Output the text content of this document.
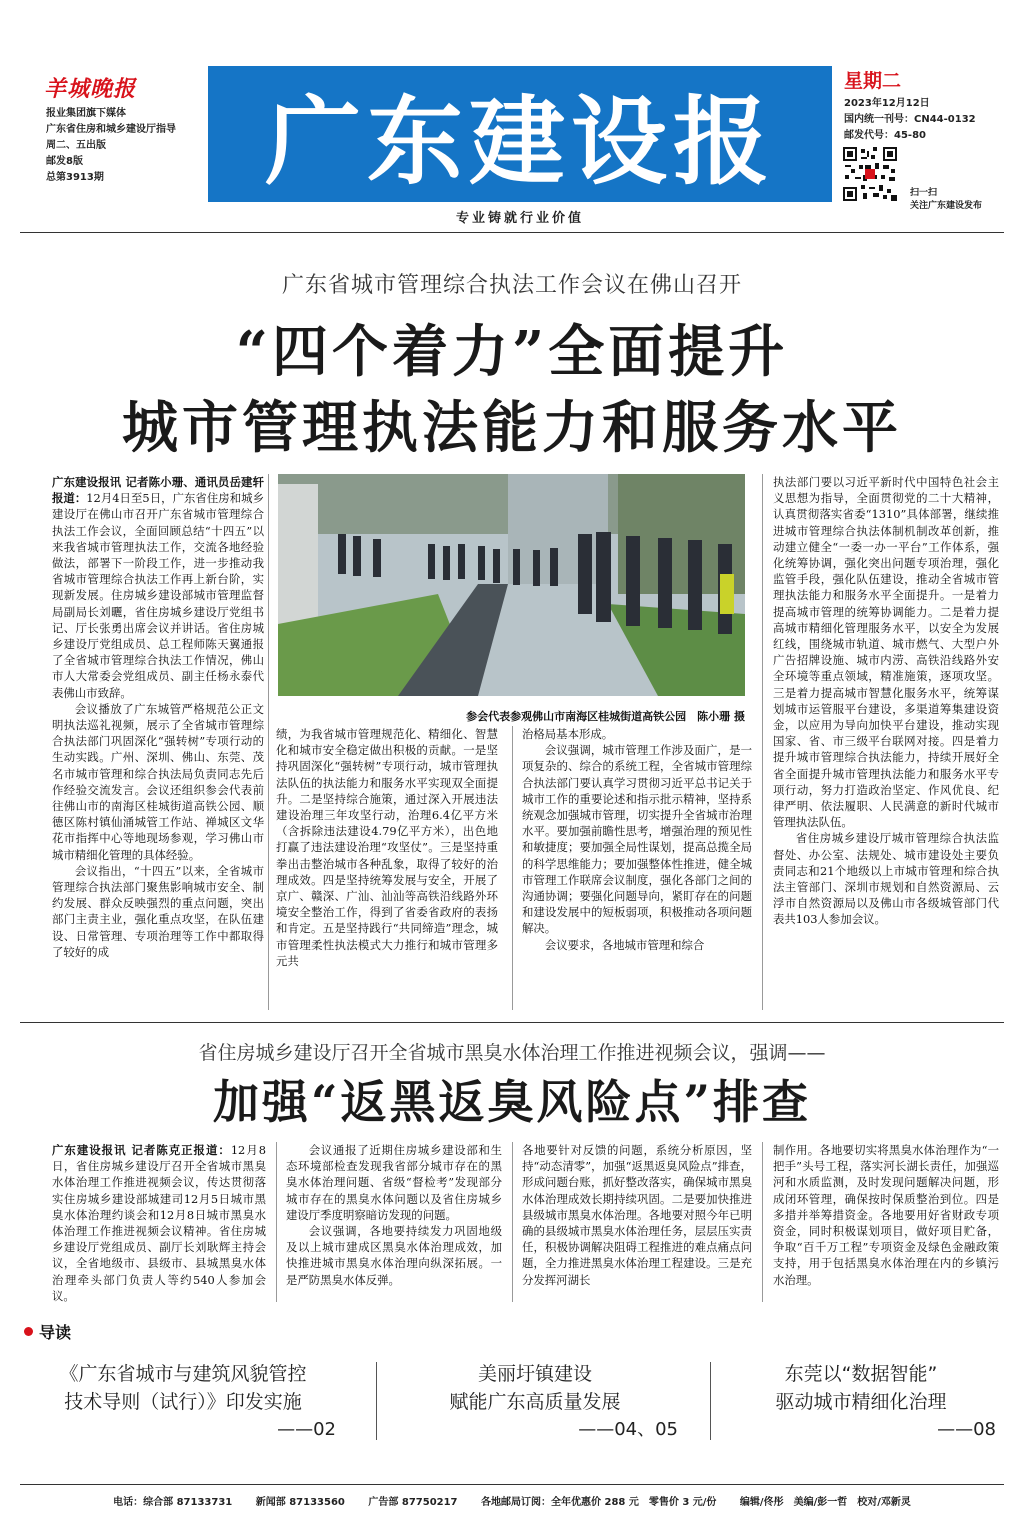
羊城晚报
报业集团旗下媒体
广东省住房和城乡建设厅指导
周二、五出版
邮发8版
总第3913期	广东建设报
专业铸就行业价值
星期二
2023年12月12日
国内统一刊号：CN44-0132
邮发代号：45-80
扫一扫
关注广东建设发布
广东省城市管理综合执法工作会议在佛山召开
“四个着力”全面提升
城市管理执法能力和服务水平

广东建设报讯 记者陈小珊、通讯员岳建轩报道：12月4日至5日，广东省住房和城乡建设厅在佛山市召开广东省城市管理综合执法工作会议，全面回顾总结“十四五”以来我省城市管理执法工作，交流各地经验做法，部署下一阶段工作，进一步推动我省城市管理综合执法工作再上新台阶，实现新发展。住房城乡建设部城市管理监督局副局长刘曬，省住房城乡建设厅党组书记、厅长张勇出席会议并讲话。省住房城乡建设厅党组成员、总工程师陈天翼通报了全省城市管理综合执法工作情况，佛山市人大常委会党组成员、副主任杨永泰代表佛山市致辞。

会议播放了广东城管严格规范公正文明执法巡礼视频，展示了全省城市管理综合执法部门巩固深化“强转树”专项行动的生动实践。广州、深圳、佛山、东莞、茂名市城市管理和综合执法局负责同志先后作经验交流发言。会议还组织参会代表前往佛山市的南海区桂城街道高铁公园、顺德区陈村镇仙涌城管工作站、禅城区文华花市指挥中心等地现场参观，学习佛山市城市精细化管理的具体经验。

会议指出，“十四五”以来，全省城市管理综合执法部门聚焦影响城市安全、制约发展、群众反映强烈的重点问题，突出部门主责主业，强化重点攻坚，在队伍建设、日常管理、专项治理等工作中都取得了较好的成

参会代表参观佛山市南海区桂城街道高铁公园　陈小珊 摄

绩，为我省城市管理规范化、精细化、智慧化和城市安全稳定做出积极的贡献。一是坚持巩固深化“强转树”专项行动，城市管理执法队伍的执法能力和服务水平实现双全面提升。二是坚持综合施策，通过深入开展违法建设治理三年攻坚行动，治理6.4亿平方米（含拆除违法建设4.79亿平方米），出色地打赢了违法建设治理“攻坚仗”。三是坚持重拳出击整治城市各种乱象，取得了较好的治理成效。四是坚持统筹发展与安全，开展了京广、赣深、广汕、汕汕等高铁沿线路外环境安全整治工作，得到了省委省政府的表扬和肯定。五是坚持践行“共同缔造”理念，城市管理柔性执法模式大力推行和城市管理多元共

治格局基本形成。

会议强调，城市管理工作涉及面广，是一项复杂的、综合的系统工程，全省城市管理综合执法部门要认真学习贯彻习近平总书记关于城市工作的重要论述和指示批示精神，坚持系统观念加强城市管理，切实提升全省城市治理水平。要加强前瞻性思考，增强治理的预见性和敏捷度；要加强全局性谋划，提高总揽全局的科学思维能力；要加强整体性推进，健全城市管理工作联席会议制度，强化各部门之间的沟通协调；要强化问题导向，紧盯存在的问题和建设发展中的短板弱项，积极推动各项问题解决。

会议要求，各地城市管理和综合

执法部门要以习近平新时代中国特色社会主义思想为指导，全面贯彻党的二十大精神，认真贯彻落实省委“1310”具体部署，继续推进城市管理综合执法体制机制改革创新，推动建立健全“一委一办一平台”工作体系，强化统筹协调，强化突出问题专项治理，强化监管手段，强化队伍建设，推动全省城市管理执法能力和服务水平全面提升。一是着力提高城市管理的统筹协调能力。二是着力提高城市精细化管理服务水平，以安全为发展红线，围绕城市轨道、城市燃气、大型户外广告招牌设施、城市内涝、高铁沿线路外安全环境等重点领域，精准施策，逐项攻坚。三是着力提高城市智慧化服务水平，统筹谋划城市运管服平台建设，多渠道筹集建设资金，以应用为导向加快平台建设，推动实现国家、省、市三级平台联网对接。四是着力提升城市管理综合执法能力，持续开展好全省全面提升城市管理执法能力和服务水平专项行动，努力打造政治坚定、作风优良、纪律严明、依法履职、人民满意的新时代城市管理执法队伍。

省住房城乡建设厅城市管理综合执法监督处、办公室、法规处、城市建设处主要负责同志和21个地级以上市城市管理和综合执法主管部门、深圳市规划和自然资源局、云浮市自然资源局以及佛山市各级城管部门代表共103人参加会议。

省住房城乡建设厅召开全省城市黑臭水体治理工作推进视频会议，强调——
加强“返黑返臭风险点”排查

广东建设报讯 记者陈克正报道：12月8日，省住房城乡建设厅召开全省城市黑臭水体治理工作推进视频会议，传达贯彻落实住房城乡建设部城建司12月5日城市黑臭水体治理约谈会和12月8日城市黑臭水体治理工作推进视频会议精神。省住房城乡建设厅党组成员、副厅长刘耿辉主持会议，全省地级市、县级市、县城黑臭水体治理牵头部门负责人等约540人参加会议。

会议通报了近期住房城乡建设部和生态环境部检查发现我省部分城市存在的黑臭水体治理问题、省级“督检考”发现部分城市存在的黑臭水体问题以及省住房城乡建设厅季度明察暗访发现的问题。

会议强调，各地要持续发力巩固地级及以上城市建成区黑臭水体治理成效，加快推进城市黑臭水体治理向纵深拓展。一是严防黑臭水体反弹。

各地要针对反馈的问题，系统分析原因，坚持“动态清零”，加强“返黑返臭风险点”排查，形成问题台账，抓好整改落实，确保城市黑臭水体治理成效长期持续巩固。二是要加快推进县级城市黑臭水体治理。各地要对照今年已明确的县级城市黑臭水体治理任务，层层压实责任，积极协调解决阻碍工程推进的难点痛点问题，全力推进黑臭水体治理工程建设。三是充分发挥河湖长

制作用。各地要切实将黑臭水体治理作为“一把手”头号工程，落实河长湖长责任，加强巡河和水质监测，及时发现问题解决问题，形成闭环管理，确保按时保质整治到位。四是多措并举筹措资金。各地要用好省财政专项资金，同时积极谋划项目，做好项目贮备，争取“百千万工程”专项资金及绿色金融政策支持，用于包括黑臭水体治理在内的乡镇污水治理。

导读
《广东省城市与建筑风貌管控
技术导则（试行）》印发实施
——02
美丽圩镇建设
赋能广东高质量发展
——04、05
东莞以“数据智能”
驱动城市精细化治理
——08
电话：综合部 87133731 新闻部 87133560 广告部 87750217 各地邮局订阅：全年优惠价 288 元　零售价 3 元/份 编辑/佟彤　美编/彭一哲　校对/邓新灵
